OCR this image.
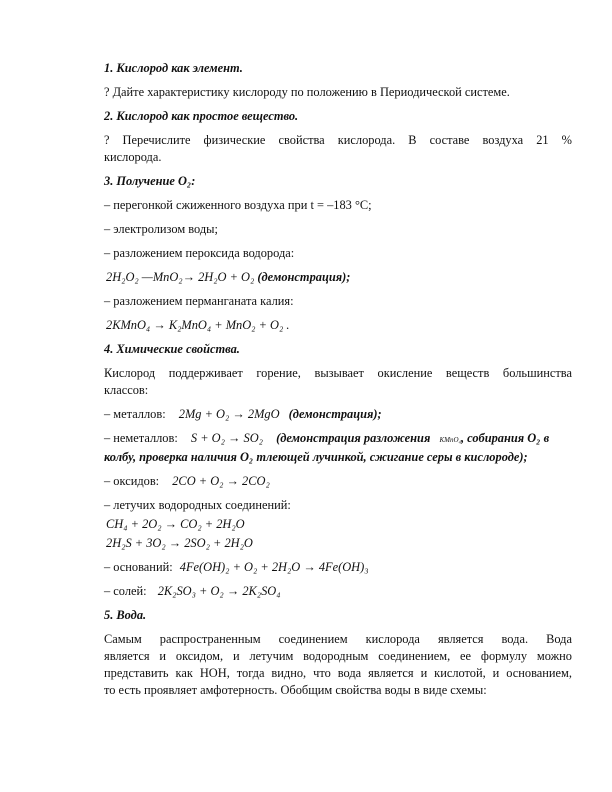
1. Кислород как элемент.
? Дайте характеристику кислороду по положению в Периодической системе.
2. Кислород как простое вещество.
? Перечислите физические свойства кислорода. В составе воздуха 21 %
кислорода.
3. Получение О₂:
– перегонкой сжиженного воздуха при t = –183 °С;
– электролизом воды;
– разложением пероксида водорода:
2H₂O₂ —MnO₂→ 2H₂O + O₂ (демонстрация);
– разложением перманганата калия:
2KMnO₄ → K₂MnO₄ + MnO₂ + O₂ .
4. Химические свойства.
Кислород поддерживает горение, вызывает окисление веществ большинства
классов:
– металлов: 2Mg + O₂ → 2MgO (демонстрация);
– неметаллов: S + O₂ → SO₂ (демонстрация разложения KMnO₄, собирания О₂ в
колбу, проверка наличия О₂ тлеющей лучинкой, сжигание серы в кислороде);
– оксидов: 2CO + O₂ → 2CO₂
– летучих водородных соединений:
CH₄ + 2O₂ → CO₂ + 2H₂O
2H₂S + 3O₂ → 2SO₂ + 2H₂O
– оснований: 4Fe(OH)₂ + O₂ + 2H₂O → 4Fe(OH)₃
– солей: 2K₂SO₃ + O₂ → 2K₂SO₄
5. Вода.
Самым распространенным соединением кислорода является вода. Вода
является и оксидом, и летучим водородным соединением, ее формулу можно
представить как HOH, тогда видно, что вода является и кислотой, и основанием,
то есть проявляет амфотерность. Обобщим свойства воды в виде схемы:
